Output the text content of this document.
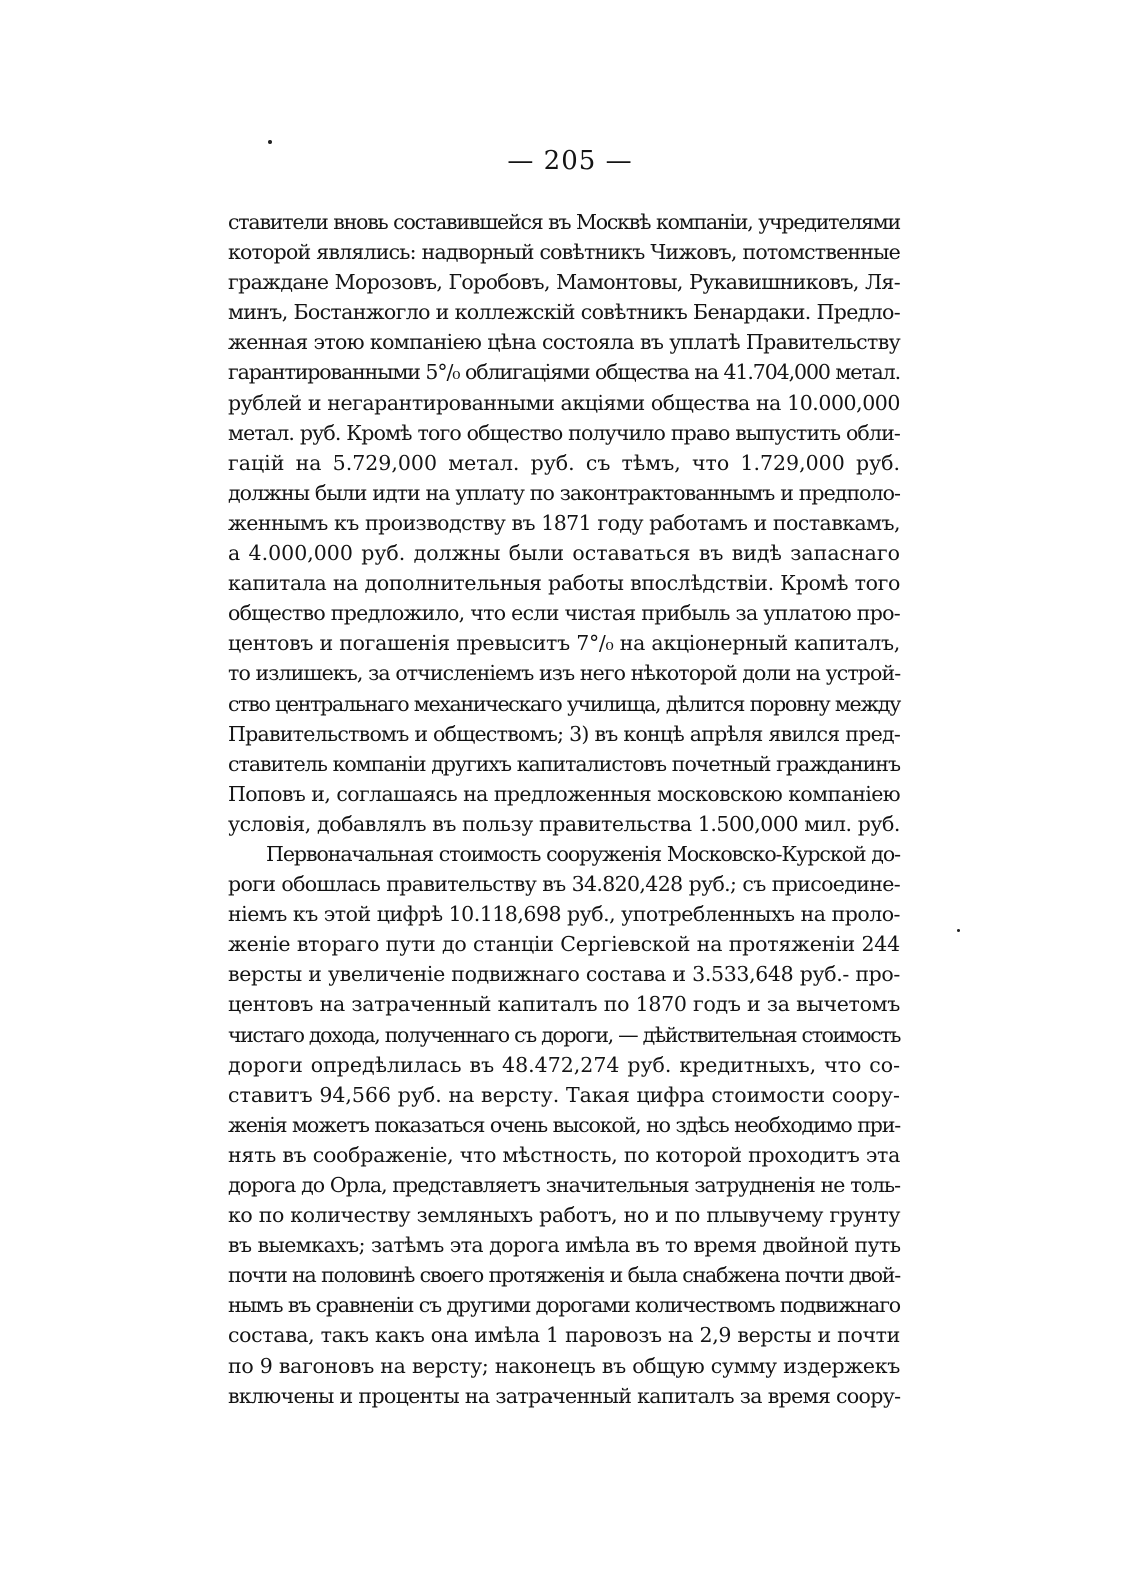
— 205 —
ставители вновь составившейся въ Москвѣ компаніи, учредителями
которой являлись: надворный совѣтникъ Чижовъ, потомственные
граждане Морозовъ, Горобовъ, Мамонтовы, Рукавишниковъ, Ля-
минъ, Бостанжогло и коллежскій совѣтникъ Бенардаки. Предло-
женная этою компаніею цѣна состояла въ уплатѣ Правительству
гарантированными 5°/₀ облигаціями общества на 41.704,000 метал.
рублей и негарантированными акціями общества на 10.000,000
метал. руб. Кромѣ того общество получило право выпустить обли-
гацій на 5.729,000 метал. руб. съ тѣмъ, что 1.729,000 руб.
должны были идти на уплату по законтрактованнымъ и предполо-
женнымъ къ производству въ 1871 году работамъ и поставкамъ,
а 4.000,000 руб. должны были оставаться въ видѣ запаснаго
капитала на дополнительныя работы впослѣдствіи. Кромѣ того
общество предложило, что если чистая прибыль за уплатою про-
центовъ и погашенія превыситъ 7°/₀ на акціонерный капиталъ,
то излишекъ, за отчисленіемъ изъ него нѣкоторой доли на устрой-
ство центральнаго механическаго училища, дѣлится поровну между
Правительствомъ и обществомъ; 3) въ концѣ апрѣля явился пред-
ставитель компаніи другихъ капиталистовъ почетный гражданинъ
Поповъ и, соглашаясь на предложенныя московскою компаніею
условія, добавлялъ въ пользу правительства 1.500,000 мил. руб.
Первоначальная стоимость сооруженія Московско-Курской до-
роги обошлась правительству въ 34.820,428 руб.; съ присоедине-
ніемъ къ этой цифрѣ 10.118,698 руб., употребленныхъ на проло-
женіе втораго пути до станціи Сергіевской на протяженіи 244
версты и увеличеніе подвижнаго состава и 3.533,648 руб.- про-
центовъ на затраченный капиталъ по 1870 годъ и за вычетомъ
чистаго дохода, полученнаго съ дороги, — дѣйствительная стоимость
дороги опредѣлилась въ 48.472,274 руб. кредитныхъ, что со-
ставитъ 94,566 руб. на версту. Такая цифра стоимости соору-
женія можетъ показаться очень высокой, но здѣсь необходимо при-
нять въ соображеніе, что мѣстность, по которой проходитъ эта
дорога до Орла, представляетъ значительныя затрудненія не толь-
ко по количеству земляныхъ работъ, но и по плывучему грунту
въ выемкахъ; затѣмъ эта дорога имѣла въ то время двойной путь
почти на половинѣ своего протяженія и была снабжена почти двой-
нымъ въ сравненіи съ другими дорогами количествомъ подвижнаго
состава, такъ какъ она имѣла 1 паровозъ на 2,9 версты и почти
по 9 вагоновъ на версту; наконецъ въ общую сумму издержекъ
включены и проценты на затраченный капиталъ за время соору-
